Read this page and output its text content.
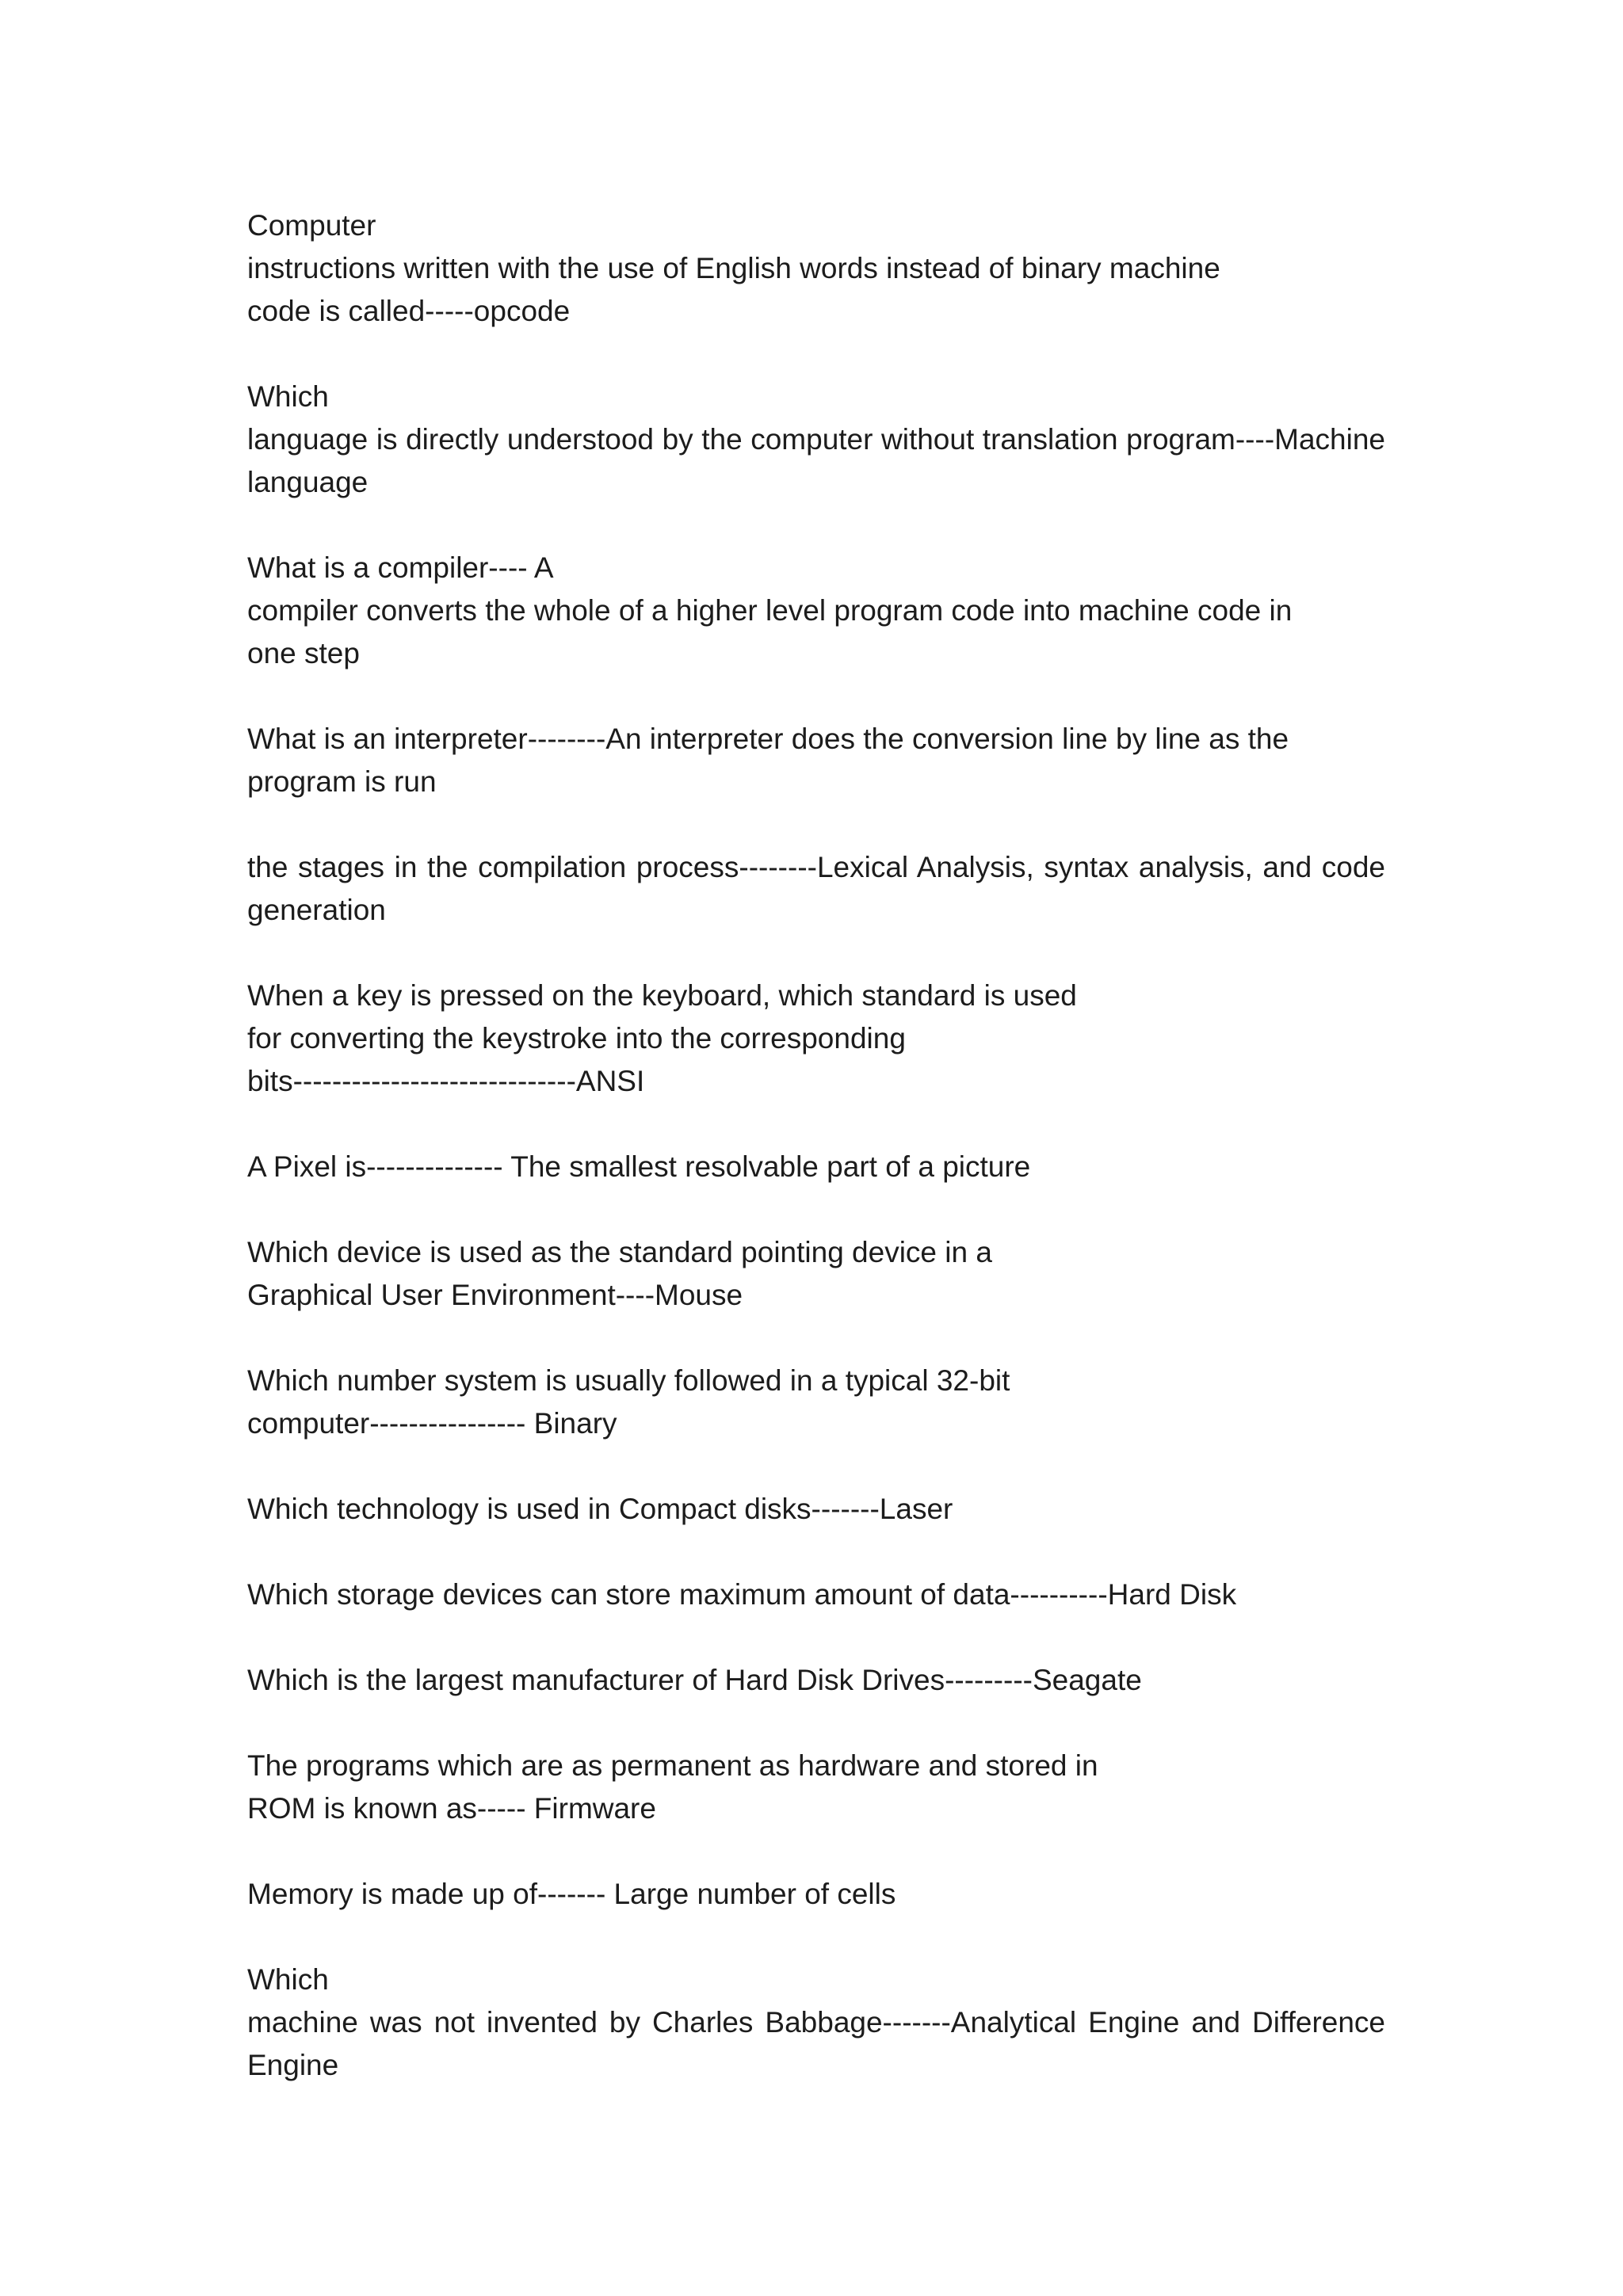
Computer
instructions written with the use of English words instead of binary machine
code is called-----opcode

Which
language is directly understood by the computer without translation program----Machine
language

What is a compiler---- A
compiler converts the whole of a higher level program code into machine code in
one step

What is an interpreter--------An interpreter does the conversion line by line as the
program is run

the stages in the compilation process--------Lexical Analysis, syntax analysis, and code
generation

When a key is pressed on the keyboard, which standard is used
for converting the keystroke into the corresponding
bits-----------------------------ANSI

A Pixel is-------------- The smallest resolvable part of a picture

Which device is used as the standard pointing device in a
Graphical User Environment----Mouse

Which number system is usually followed in a typical 32-bit
computer---------------- Binary

Which technology is used in Compact disks-------Laser

Which storage devices can store maximum amount of data----------Hard Disk

Which is the largest manufacturer of Hard Disk Drives---------Seagate

The programs which are as permanent as hardware and stored in
ROM is known as----- Firmware

Memory is made up of------- Large number of cells

Which
machine was not invented by Charles Babbage-------Analytical Engine and Difference
Engine
